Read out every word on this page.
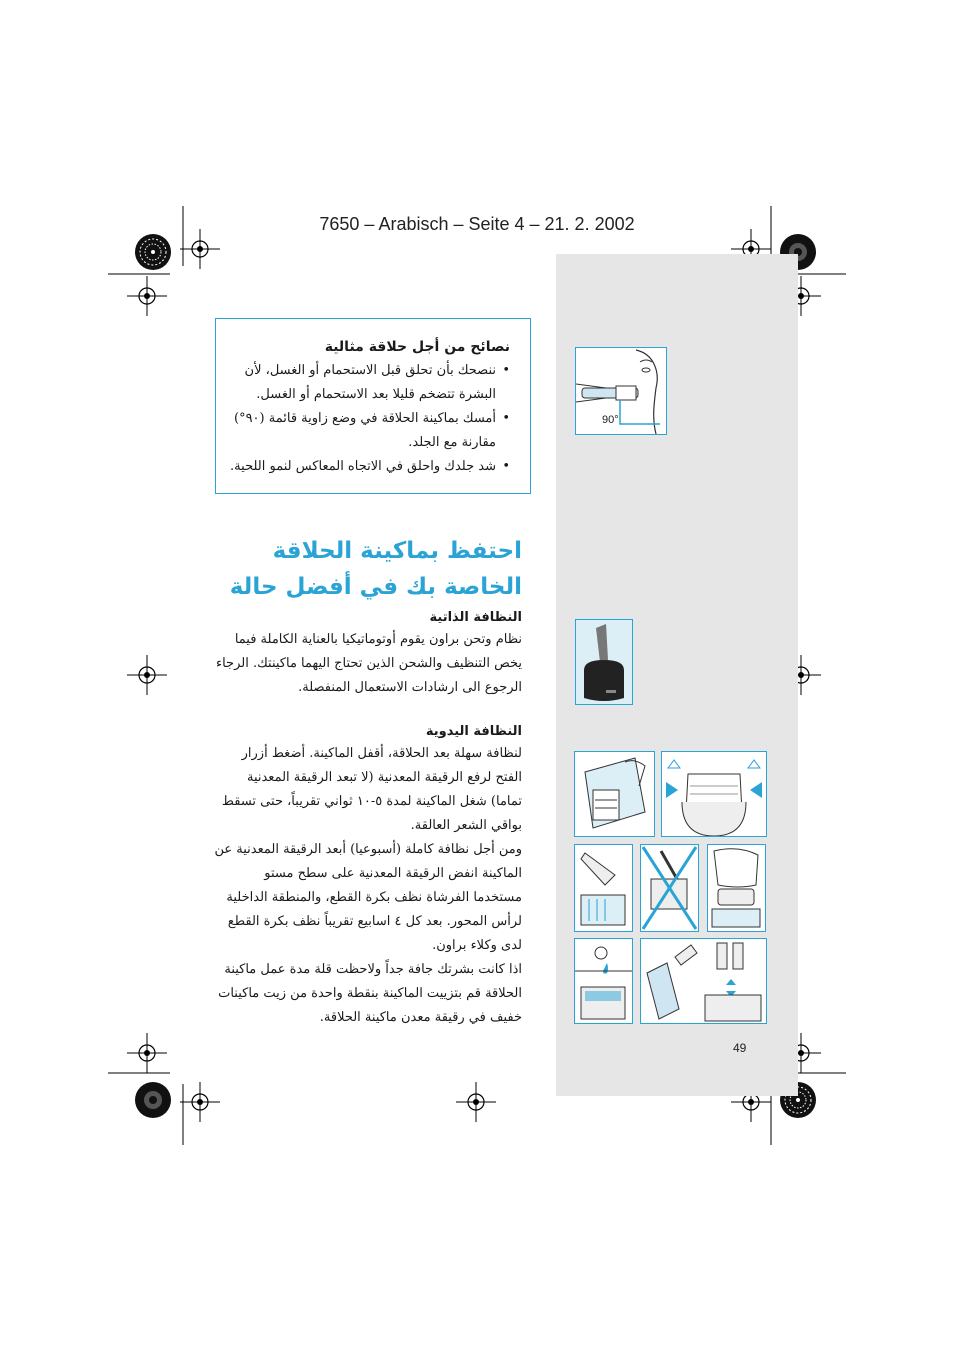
7650 – Arabisch – Seite 4 – 21. 2. 2002
نصائح من أجل حلاقة مثالية
• ننصحك بأن تحلق قبل الاستحمام أو الغسل، لأن البشرة تتضخم قليلا بعد الاستحمام أو الغسل.
• أمسك بماكينة الحلاقة في وضع زاوية قائمة (٩٠°) مقارنة مع الجلد.
• شد جلدك واحلق في الاتجاه المعاكس لنمو اللحية.
احتفظ بماكينة الحلاقة الخاصة بك في أفضل حالة
النظافة الذاتية

نظام وتحن براون يقوم أوتوماتيكيا بالعناية الكاملة فيما يخص التنظيف والشحن الذين تحتاج اليهما ماكينتك. الرجاء الرجوع الى ارشادات الاستعمال المنفصلة.

النظافة اليدوية

لنظافة سهلة بعد الحلاقة، أقفل الماكينة. أضغط أزرار الفتح لرفع الرقيقة المعدنية (لا تبعد الرقيقة المعدنية تماما) شغل الماكينة لمدة ٥-١٠ ثواني تقريباً، حتى تسقط بواقي الشعر العالقة.

ومن أجل نظافة كاملة (أسبوعيا) أبعد الرقيقة المعدنية عن الماكينة انفض الرقيقة المعدنية على سطح مستو مستخدما الفرشاة نظف بكرة القطع، والمنطقة الداخلية لرأس المحور. بعد كل ٤ اسابيع تقريباً نظف بكرة القطع لدى وكلاء براون.

اذا كانت بشرتك جافة جداً ولاحظت قلة مدة عمل ماكينة الحلاقة قم بتزييت الماكينة بنقطة واحدة من زيت ماكينات خفيف في رقيقة معدن ماكينة الحلاقة.

90°
49
